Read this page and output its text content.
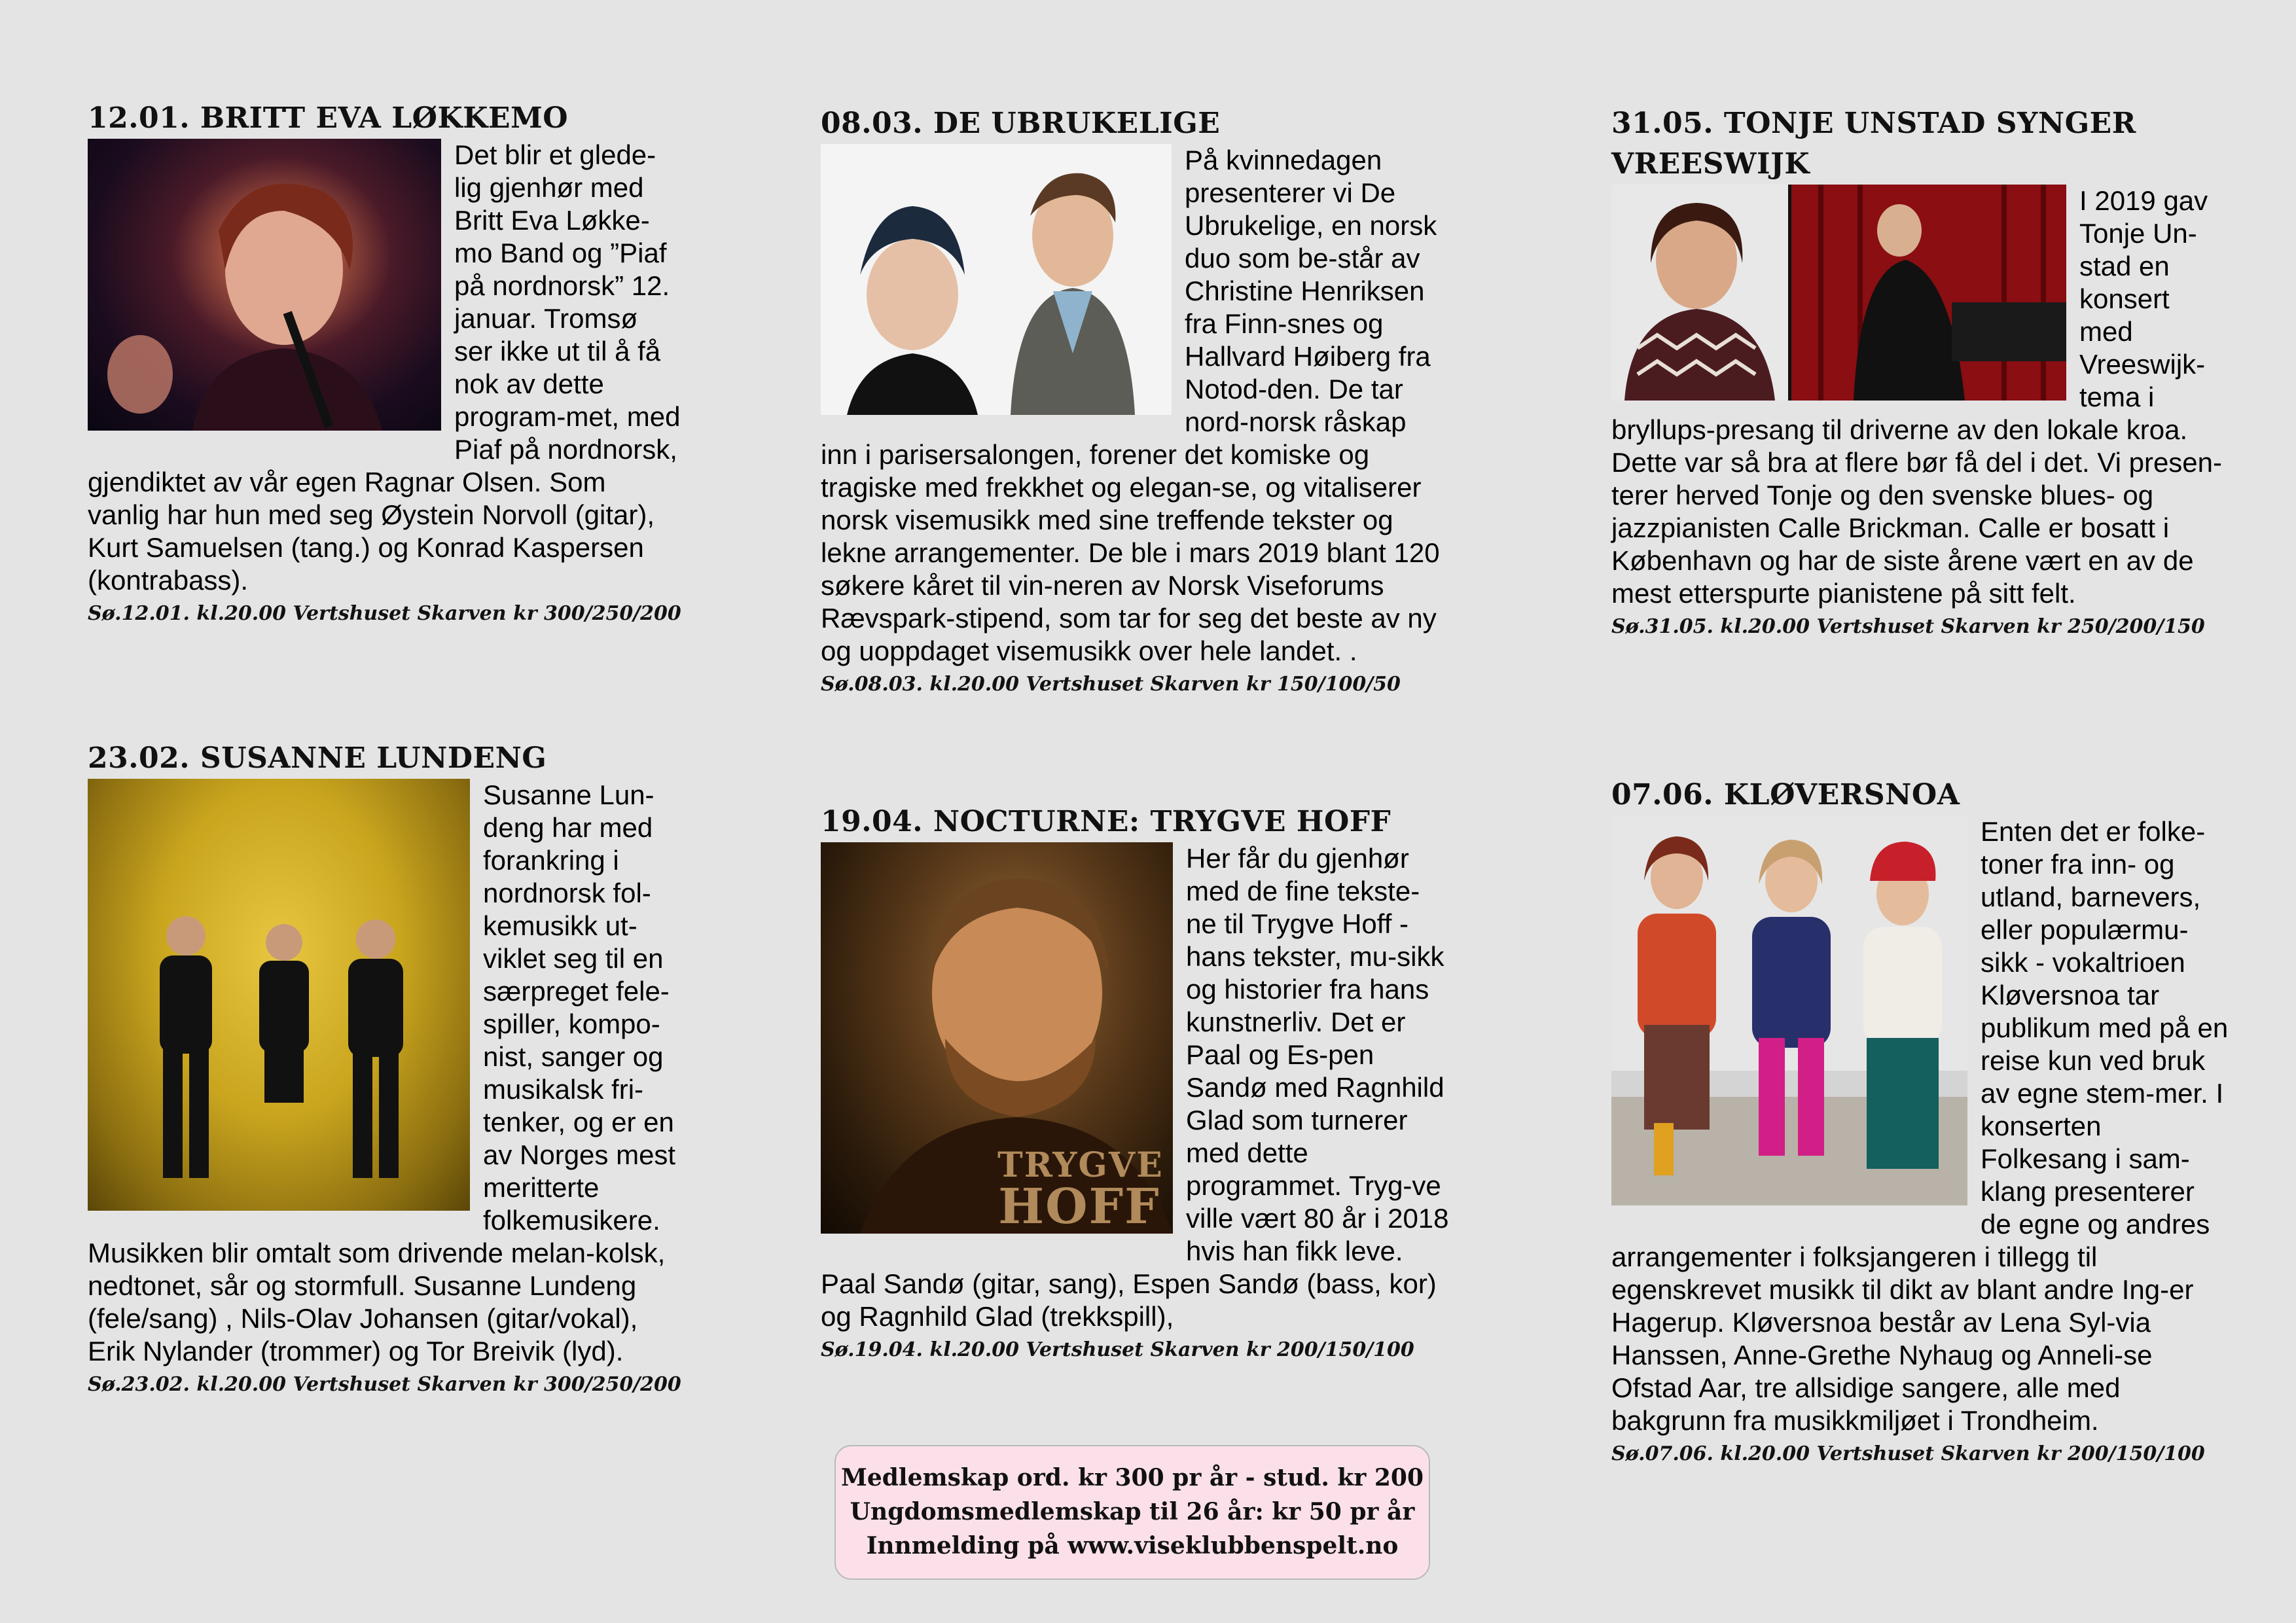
12.01. BRITT EVA LØKKEMO

Det blir et glede-lig gjenhør med Britt Eva Løkke-mo Band og ”Piaf på nordnorsk” 12. januar. Tromsø ser ikke ut til å få nok av dette program-met, med Piaf på nordnorsk, gjendiktet av vår egen Ragnar Olsen. Som vanlig har hun med seg Øystein Norvoll (gitar), Kurt Samuelsen (tang.) og Konrad Kaspersen (kontrabass).

Sø.12.01. kl.20.00 Vertshuset Skarven kr 300/250/200

23.02. SUSANNE LUNDENG

Susanne Lun-deng har med forankring i nordnorsk fol-kemusikk ut-viklet seg til en særpreget fele-spiller, kompo-nist, sanger og musikalsk fri-tenker, og er en av Norges mest meritterte folkemusikere. Musikken blir omtalt som drivende melan-kolsk, nedtonet, sår og stormfull. Susanne Lundeng (fele/sang) , Nils-Olav Johansen (gitar/vokal), Erik Nylander (trommer) og Tor Breivik (lyd).

Sø.23.02. kl.20.00 Vertshuset Skarven kr 300/250/200

08.03. DE UBRUKELIGE

På kvinnedagen presenterer vi De Ubrukelige, en norsk duo som be-står av Christine Henriksen fra Finn-snes og Hallvard Høiberg fra Notod-den. De tar nord-norsk råskap inn i parisersalongen, forener det komiske og tragiske med frekkhet og elegan-se, og vitaliserer norsk visemusikk med sine treffende tekster og lekne arrangementer. De ble i mars 2019 blant 120 søkere kåret til vin-neren av Norsk Viseforums Rævspark-stipend, som tar for seg det beste av ny og uoppdaget visemusikk over hele landet. .

Sø.08.03. kl.20.00 Vertshuset Skarven kr 150/100/50

19.04. NOCTURNE: TRYGVE HOFF
TRYGVE
HOFF

Her får du gjenhør med de fine tekste-ne til Trygve Hoff - hans tekster, mu-sikk og historier fra hans kunstnerliv. Det er Paal og Es-pen Sandø med Ragnhild Glad som turnerer med dette programmet. Tryg-ve ville vært 80 år i 2018 hvis han fikk leve. Paal Sandø (gitar, sang), Espen Sandø (bass, kor) og Ragnhild Glad (trekkspill),

Sø.19.04. kl.20.00 Vertshuset Skarven kr 200/150/100

31.05. TONJE UNSTAD SYNGER VREESWIJK

I 2019 gav Tonje Un-stad en konsert med Vreeswijk-tema i bryllups-presang til driverne av den lokale kroa. Dette var så bra at flere bør få del i det. Vi presen-terer herved Tonje og den svenske blues- og jazzpianisten Calle Brickman. Calle er bosatt i København og har de siste årene vært en av de mest etterspurte pianistene på sitt felt.

Sø.31.05. kl.20.00 Vertshuset Skarven kr 250/200/150

07.06. KLØVERSNOA

Enten det er folke-toner fra inn- og utland, barnevers, eller populærmu-sikk - vokaltrioen Kløversnoa tar publikum med på en reise kun ved bruk av egne stem-mer. I konserten Folkesang i sam-klang presenterer de egne og andres arrangementer i folksjangeren i tillegg til egenskrevet musikk til dikt av blant andre Ing-er Hagerup. Kløversnoa består av Lena Syl-via Hanssen, Anne-Grethe Nyhaug og Anneli-se Ofstad Aar, tre allsidige sangere, alle med bakgrunn fra musikkmiljøet i Trondheim.

Sø.07.06. kl.20.00 Vertshuset Skarven kr 200/150/100

Medlemskap ord. kr 300 pr år - stud. kr 200
Ungdomsmedlemskap til 26 år: kr 50 pr år
Innmelding på www.viseklubbenspelt.no
